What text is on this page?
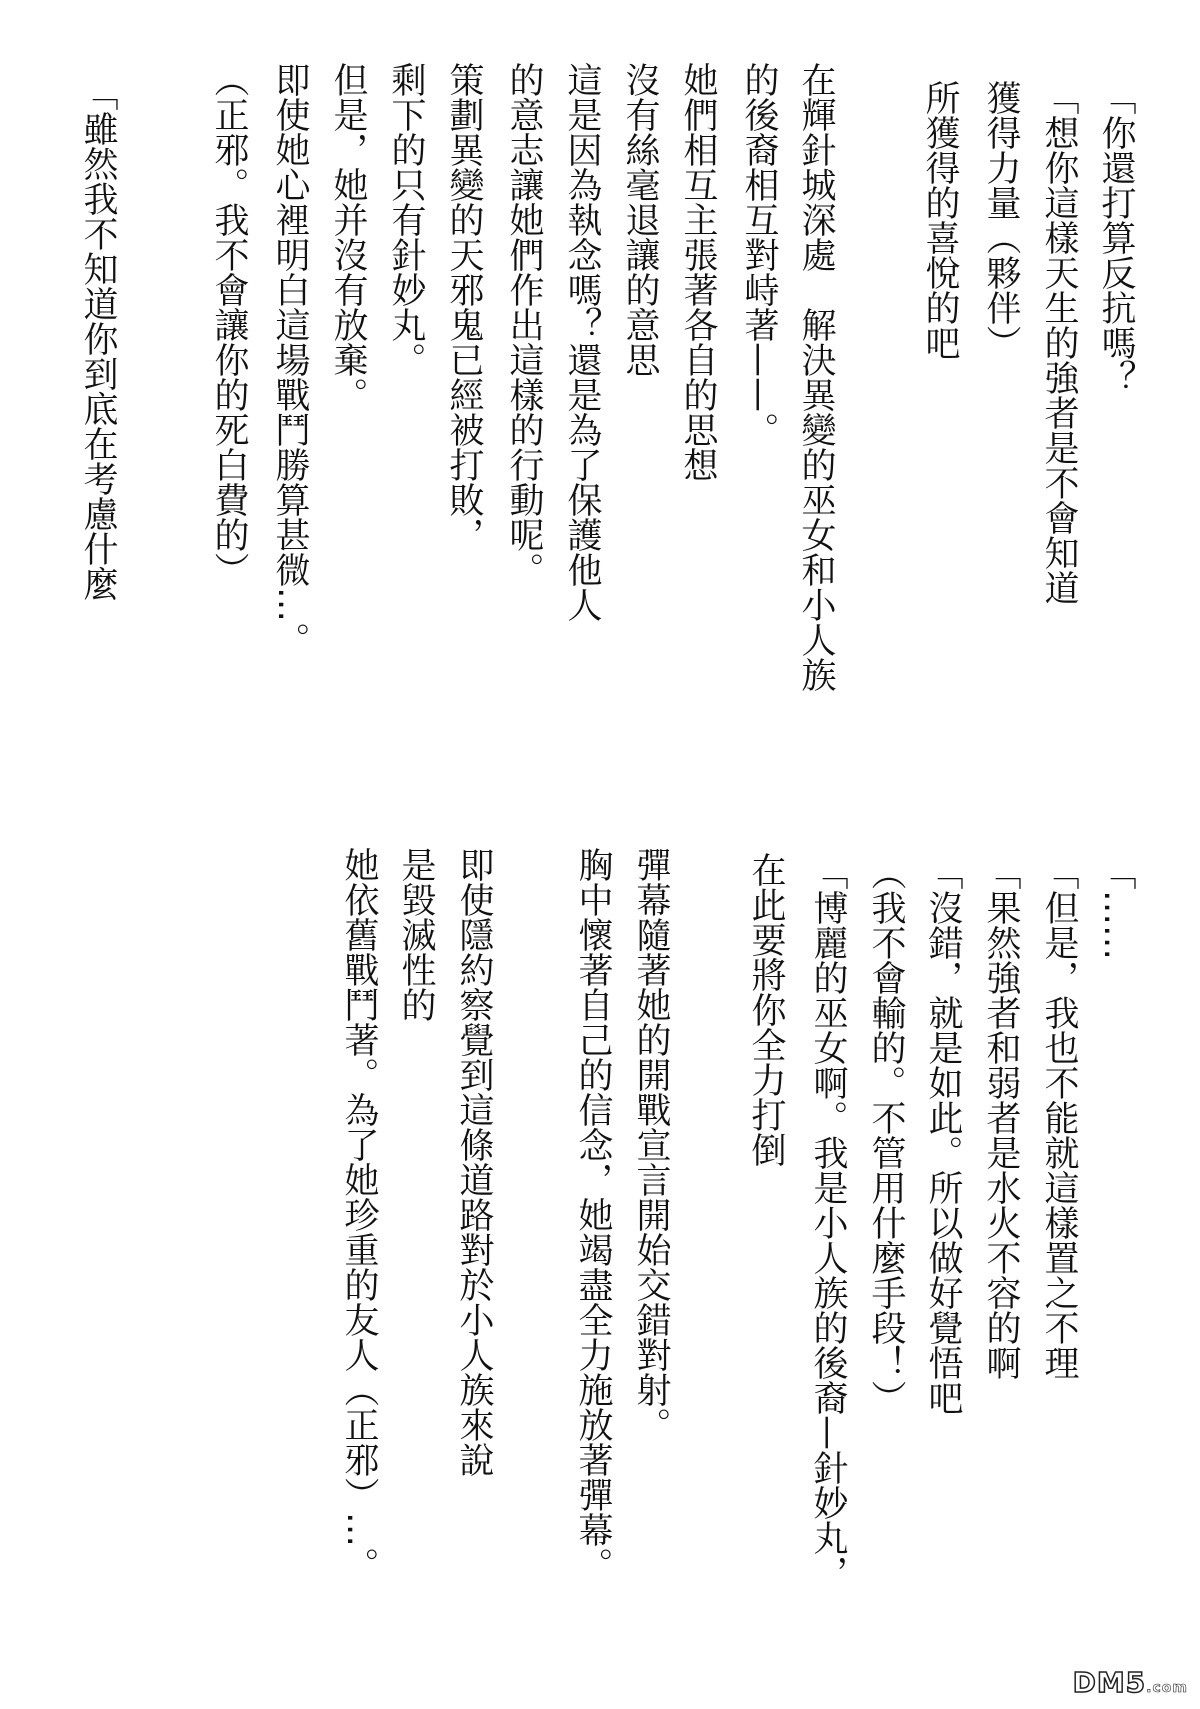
「你還打算反抗嗎？
「想你這樣天生的強者是不會知道
獲得力量（夥伴）
所獲得的喜悅的吧
在輝針城深處　解決異變的巫女和小人族
的後裔相互對峙著——。
她們相互主張著各自的思想
沒有絲毫退讓的意思
這是因為執念嗎？還是為了保護他人
的意志讓她們作出這樣的行動呢。
策劃異變的天邪鬼已經被打敗，
剩下的只有針妙丸。
但是，她并沒有放棄。
即使她心裡明白這場戰鬥勝算甚微…。
（正邪。我不會讓你的死白費的）
「雖然我不知道你到底在考慮什麼
「……
「但是，我也不能就這樣置之不理
「果然強者和弱者是水火不容的啊
「沒錯，就是如此。所以做好覺悟吧
（我不會輸的。不管用什麼手段！）
「博麗的巫女啊。我是小人族的後裔—針妙丸，
在此要將你全力打倒
彈幕隨著她的開戰宣言開始交錯對射。
胸中懷著自己的信念，她竭盡全力施放著彈幕。
即使隱約察覺到這條道路對於小人族來說
是毀滅性的
她依舊戰鬥著。為了她珍重的友人（正邪）…。
DM5.com
